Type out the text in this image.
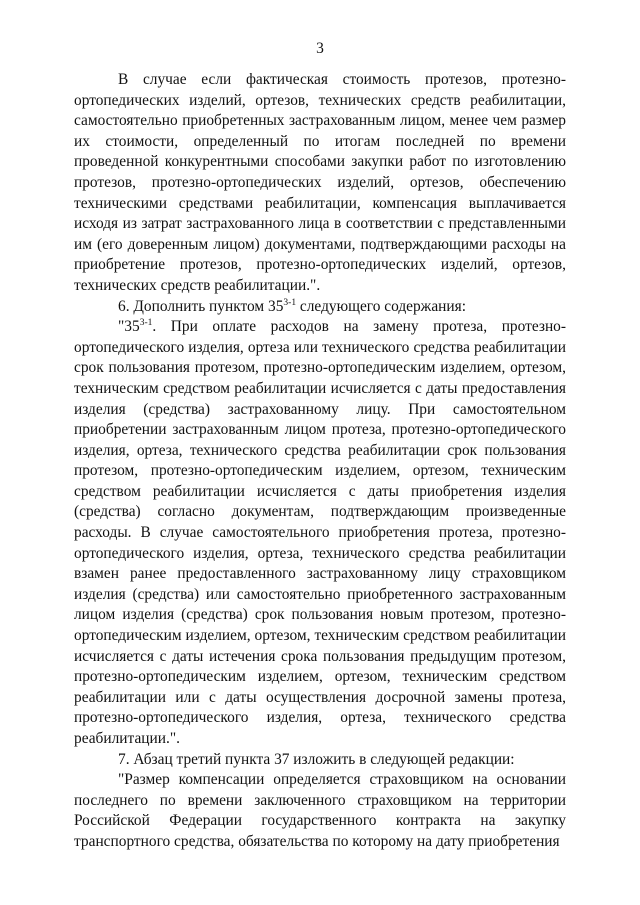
3

В случае если фактическая стоимость протезов, протезно-ортопедических изделий, ортезов, технических средств реабилитации, самостоятельно приобретенных застрахованным лицом, менее чем размер их стоимости, определенный по итогам последней по времени проведенной конкурентными способами закупки работ по изготовлению протезов, протезно-ортопедических изделий, ортезов, обеспечению техническими средствами реабилитации, компенсация выплачивается исходя из затрат застрахованного лица в соответствии с представленными им (его доверенным лицом) документами, подтверждающими расходы на приобретение протезов, протезно-ортопедических изделий, ортезов, технических средств реабилитации.".

6. Дополнить пунктом 35$^{3-1}$ следующего содержания:

"35$^{3-1}$. При оплате расходов на замену протеза, протезно-ортопедического изделия, ортеза или технического средства реабилитации срок пользования протезом, протезно-ортопедическим изделием, ортезом, техническим средством реабилитации исчисляется с даты предоставления изделия (средства) застрахованному лицу. При самостоятельном приобретении застрахованным лицом протеза, протезно-ортопедического изделия, ортеза, технического средства реабилитации срок пользования протезом, протезно-ортопедическим изделием, ортезом, техническим средством реабилитации исчисляется с даты приобретения изделия (средства) согласно документам, подтверждающим произведенные расходы. В случае самостоятельного приобретения протеза, протезно-ортопедического изделия, ортеза, технического средства реабилитации взамен ранее предоставленного застрахованному лицу страховщиком изделия (средства) или самостоятельно приобретенного застрахованным лицом изделия (средства) срок пользования новым протезом, протезно-ортопедическим изделием, ортезом, техническим средством реабилитации исчисляется с даты истечения срока пользования предыдущим протезом, протезно-ортопедическим изделием, ортезом, техническим средством реабилитации или с даты осуществления досрочной замены протеза, протезно-ортопедического изделия, ортеза, технического средства реабилитации.".

7. Абзац третий пункта 37 изложить в следующей редакции:

"Размер компенсации определяется страховщиком на основании последнего по времени заключенного страховщиком на территории Российской Федерации государственного контракта на закупку транспортного средства, обязательства по которому на дату приобретения
